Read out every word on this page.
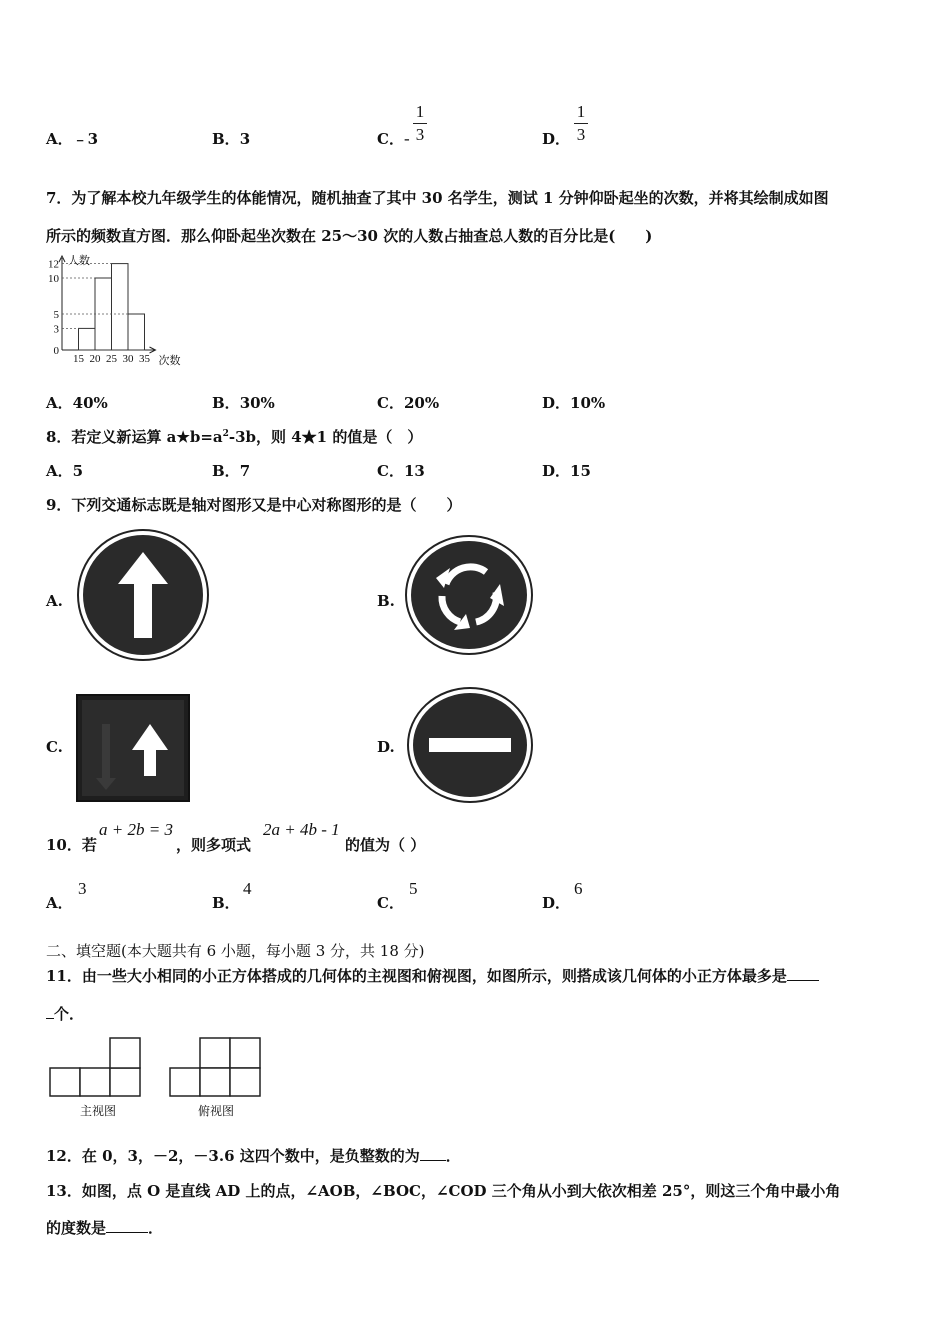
A．﹣3	B．3	C．-
1
3	D．
1
3
7．为了解本校九年级学生的体能情况，随机抽查了其中 30 名学生，测试 1 分钟仰卧起坐的次数，并将其绘制成如图
所示的频数直方图．那么仰卧起坐次数在 25～30 次的人数占抽查总人数的百分比是(　　)
0
3
5
10
12
15 20 25 30 35
人数
次数
A．40%	B．30%	C．20%	D．10%
8．若定义新运算 $a★b=a^2-3b$，则 4★1 的值是（　）
A．5	B．7	C．13	D．15
9．下列交通标志既是轴对图形又是中心对称图形的是（　　）
A.	B.
C.	D.
10．若
a + 2b = 3
，则多项式
2a + 4b - 1
的值为（ ）
A．
3
B．
4
C．
5
D．
6
二、填空题(本大题共有 6 小题，每小题 3 分，共 18 分)
11．由一些大小相同的小正方体搭成的几何体的主视图和俯视图，如图所示，则搭成该几何体的小正方体最多是
个．
主视图	俯视图
12．在 0，3，－2，－3.6 这四个数中，是负整数的为 ．
13．如图，点 O 是直线 AD 上的点，∠AOB，∠BOC，∠COD 三个角从小到大依次相差 25°，则这三个角中最小角
的度数是	．
